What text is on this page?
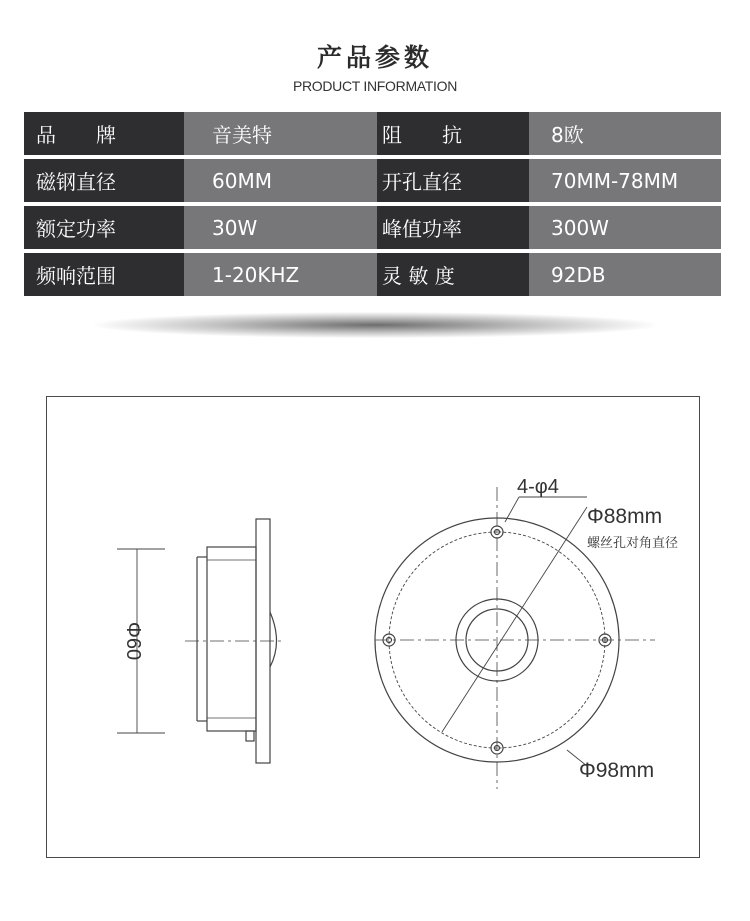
产品参数
PRODUCT INFORMATION
品　　牌	音美特	阻　　抗	8欧
磁钢直径	60MM	开孔直径	70MM-78MM
额定功率	30W	峰值功率	300W
频响范围	1-20KHZ	灵 敏 度	92DB
Φ60
4-φ4
Φ88mm
螺丝孔对角直径
Φ98mm
